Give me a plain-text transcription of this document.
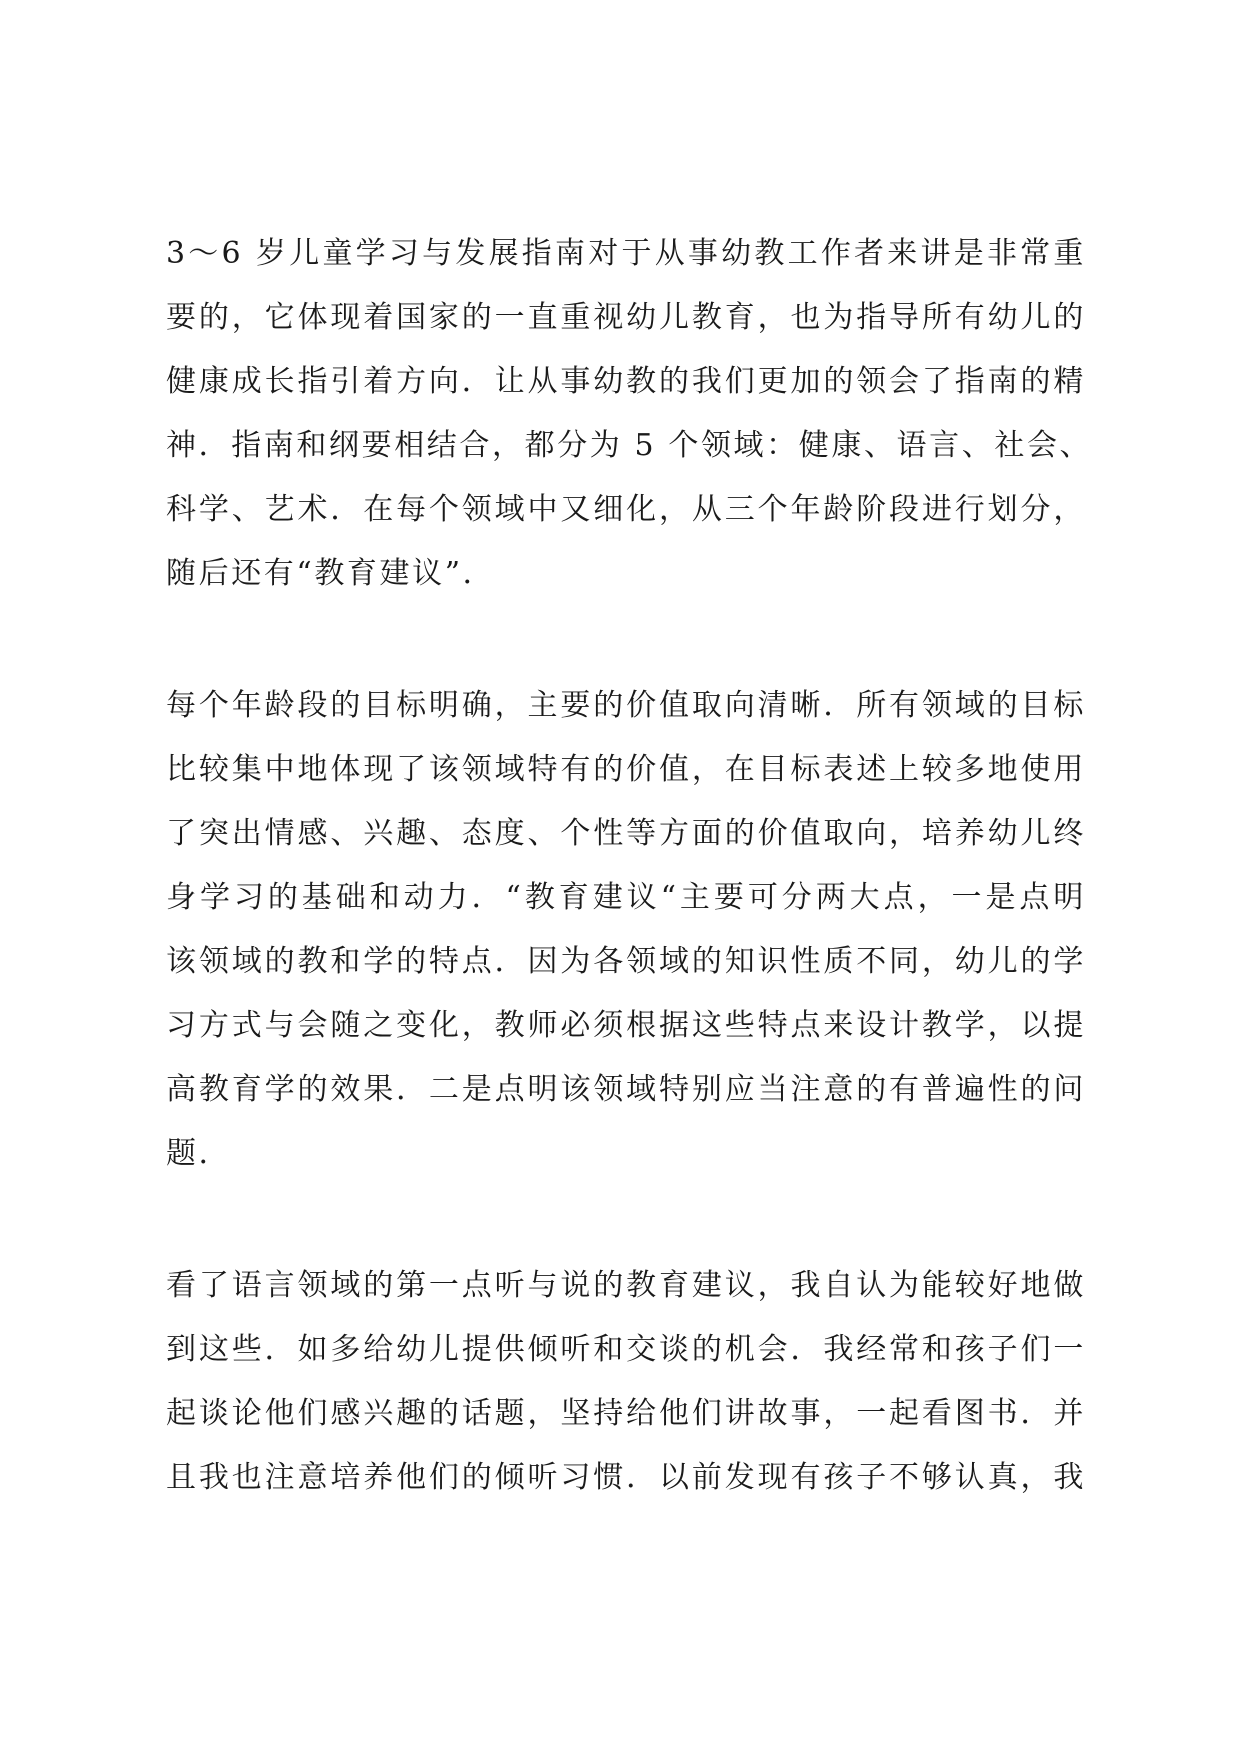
3～6 岁儿童学习与发展指南对于从事幼教工作者来讲是非常重
要的，它体现着国家的一直重视幼儿教育，也为指导所有幼儿的
健康成长指引着方向．让从事幼教的我们更加的领会了指南的精
神．指南和纲要相结合，都分为 5 个领域：健康、语言、社会、
科学、艺术．在每个领域中又细化，从三个年龄阶段进行划分，
随后还有“教育建议”．

每个年龄段的目标明确，主要的价值取向清晰．所有领域的目标
比较集中地体现了该领域特有的价值，在目标表述上较多地使用
了突出情感、兴趣、态度、个性等方面的价值取向，培养幼儿终
身学习的基础和动力．“教育建议“主要可分两大点，一是点明
该领域的教和学的特点．因为各领域的知识性质不同，幼儿的学
习方式与会随之变化，教师必须根据这些特点来设计教学，以提
高教育学的效果．二是点明该领域特别应当注意的有普遍性的问
题．

看了语言领域的第一点听与说的教育建议，我自认为能较好地做
到这些．如多给幼儿提供倾听和交谈的机会．我经常和孩子们一
起谈论他们感兴趣的话题，坚持给他们讲故事，一起看图书．并
且我也注意培养他们的倾听习惯．以前发现有孩子不够认真，我
